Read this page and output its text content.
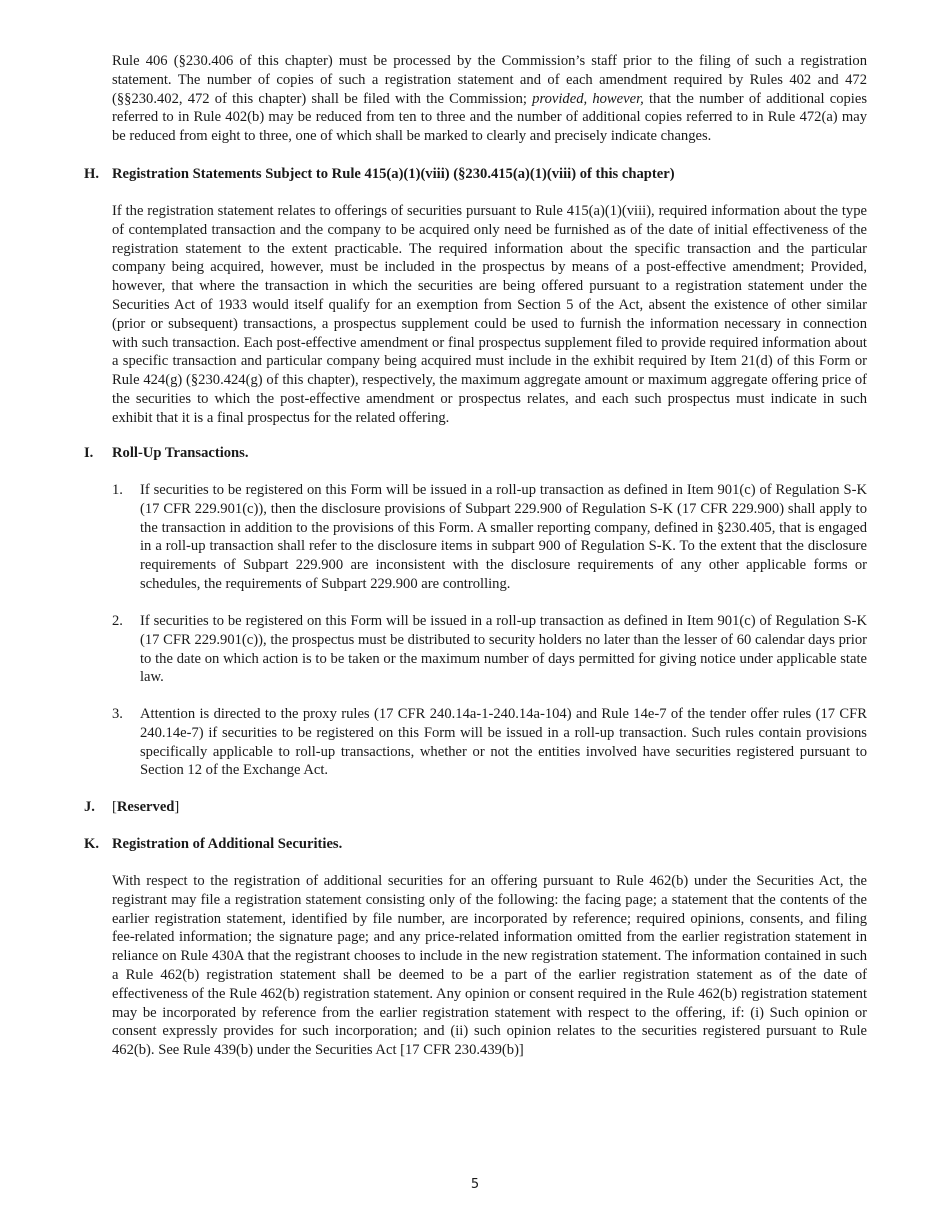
Rule 406 (§230.406 of this chapter) must be processed by the Commission’s staff prior to the filing of such a registration statement. The number of copies of such a registration statement and of each amendment required by Rules 402 and 472 (§§230.402, 472 of this chapter) shall be filed with the Commission; provided, however, that the number of additional copies referred to in Rule 402(b) may be reduced from ten to three and the number of additional copies referred to in Rule 472(a) may be reduced from eight to three, one of which shall be marked to clearly and precisely indicate changes.

H. Registration Statements Subject to Rule 415(a)(1)(viii) (§230.415(a)(1)(viii) of this chapter)

If the registration statement relates to offerings of securities pursuant to Rule 415(a)(1)(viii), required information about the type of contemplated transaction and the company to be acquired only need be furnished as of the date of initial effectiveness of the registration statement to the extent practicable. The required information about the specific transaction and the particular company being acquired, however, must be included in the prospectus by means of a post-effective amendment; Provided, however, that where the transaction in which the securities are being offered pursuant to a registration statement under the Securities Act of 1933 would itself qualify for an exemption from Section 5 of the Act, absent the existence of other similar (prior or subsequent) transactions, a prospectus supplement could be used to furnish the information necessary in connection with such transaction. Each post-effective amendment or final prospectus supplement filed to provide required information about a specific transaction and particular company being acquired must include in the exhibit required by Item 21(d) of this Form or Rule 424(g) (§230.424(g) of this chapter), respectively, the maximum aggregate amount or maximum aggregate offering price of the securities to which the post-effective amendment or prospectus relates, and each such prospectus must indicate in such exhibit that it is a final prospectus for the related offering.

I. Roll-Up Transactions.
1.	If securities to be registered on this Form will be issued in a roll-up transaction as defined in Item 901(c) of Regulation S-K (17 CFR 229.901(c)), then the disclosure provisions of Subpart 229.900 of Regulation S-K (17 CFR 229.900) shall apply to the transaction in addition to the provisions of this Form. A smaller reporting company, defined in §230.405, that is engaged in a roll-up transaction shall refer to the disclosure items in subpart 900 of Regulation S-K. To the extent that the disclosure requirements of Subpart 229.900 are inconsistent with the disclosure requirements of any other applicable forms or schedules, the requirements of Subpart 229.900 are controlling.
2.	If securities to be registered on this Form will be issued in a roll-up transaction as defined in Item 901(c) of Regulation S-K (17 CFR 229.901(c)), the prospectus must be distributed to security holders no later than the lesser of 60 calendar days prior to the date on which action is to be taken or the maximum number of days permitted for giving notice under applicable state law.
3.	Attention is directed to the proxy rules (17 CFR 240.14a-1-240.14a-104) and Rule 14e-7 of the tender offer rules (17 CFR 240.14e-7) if securities to be registered on this Form will be issued in a roll-up transaction. Such rules contain provisions specifically applicable to roll-up transactions, whether or not the entities involved have securities registered pursuant to Section 12 of the Exchange Act.
J. [Reserved]
K. Registration of Additional Securities.

With respect to the registration of additional securities for an offering pursuant to Rule 462(b) under the Securities Act, the registrant may file a registration statement consisting only of the following: the facing page; a statement that the contents of the earlier registration statement, identified by file number, are incorporated by reference; required opinions, consents, and filing fee-related information; the signature page; and any price-related information omitted from the earlier registration statement in reliance on Rule 430A that the registrant chooses to include in the new registration statement. The information contained in such a Rule 462(b) registration statement shall be deemed to be a part of the earlier registration statement as of the date of effectiveness of the Rule 462(b) registration statement. Any opinion or consent required in the Rule 462(b) registration statement may be incorporated by reference from the earlier registration statement with respect to the offering, if: (i) Such opinion or consent expressly provides for such incorporation; and (ii) such opinion relates to the securities registered pursuant to Rule 462(b). See Rule 439(b) under the Securities Act [17 CFR 230.439(b)]

5
